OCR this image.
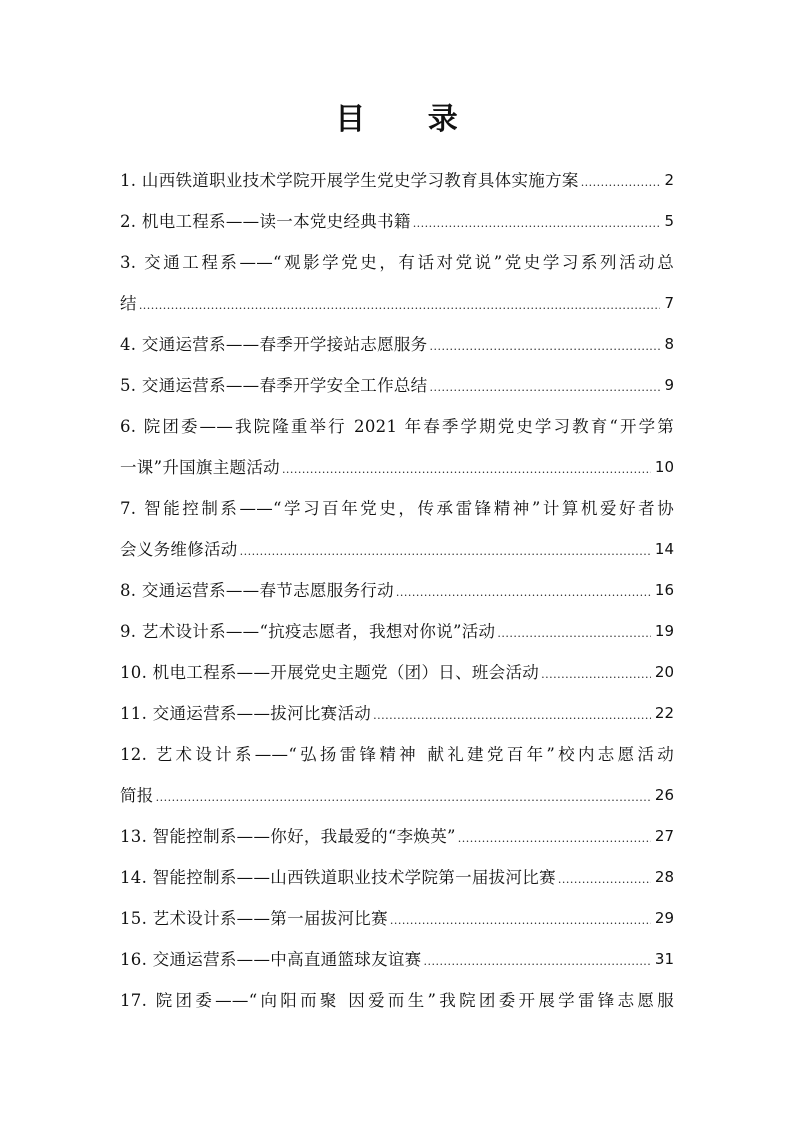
目 录
1. 山西铁道职业技术学院开展学生党史学习教育具体实施方案 .....	2
2. 机电工程系——读一本党史经典书籍 .....	5
3. 交通工程系——“观影学党史，有话对党说”党史学习系列活动总
结 .....	7
4. 交通运营系——春季开学接站志愿服务 .....	8
5. 交通运营系——春季开学安全工作总结 .....	9
6. 院团委——我院隆重举行 2021 年春季学期党史学习教育“开学第
一课”升国旗主题活动 .....	10
7. 智能控制系——“学习百年党史，传承雷锋精神”计算机爱好者协
会义务维修活动 .....	14
8. 交通运营系——春节志愿服务行动 .....	16
9. 艺术设计系——“抗疫志愿者，我想对你说”活动 .....	19
10. 机电工程系——开展党史主题党（团）日、班会活动 .....	20
11. 交通运营系——拔河比赛活动 .....	22
12. 艺术设计系——“弘扬雷锋精神 献礼建党百年”校内志愿活动
简报 .....	26
13. 智能控制系——你好，我最爱的“李焕英” .....	27
14. 智能控制系——山西铁道职业技术学院第一届拔河比赛 .....	28
15. 艺术设计系——第一届拔河比赛 .....	29
16. 交通运营系——中高直通篮球友谊赛 .....	31
17. 院团委——“向阳而聚 因爱而生”我院团委开展学雷锋志愿服
